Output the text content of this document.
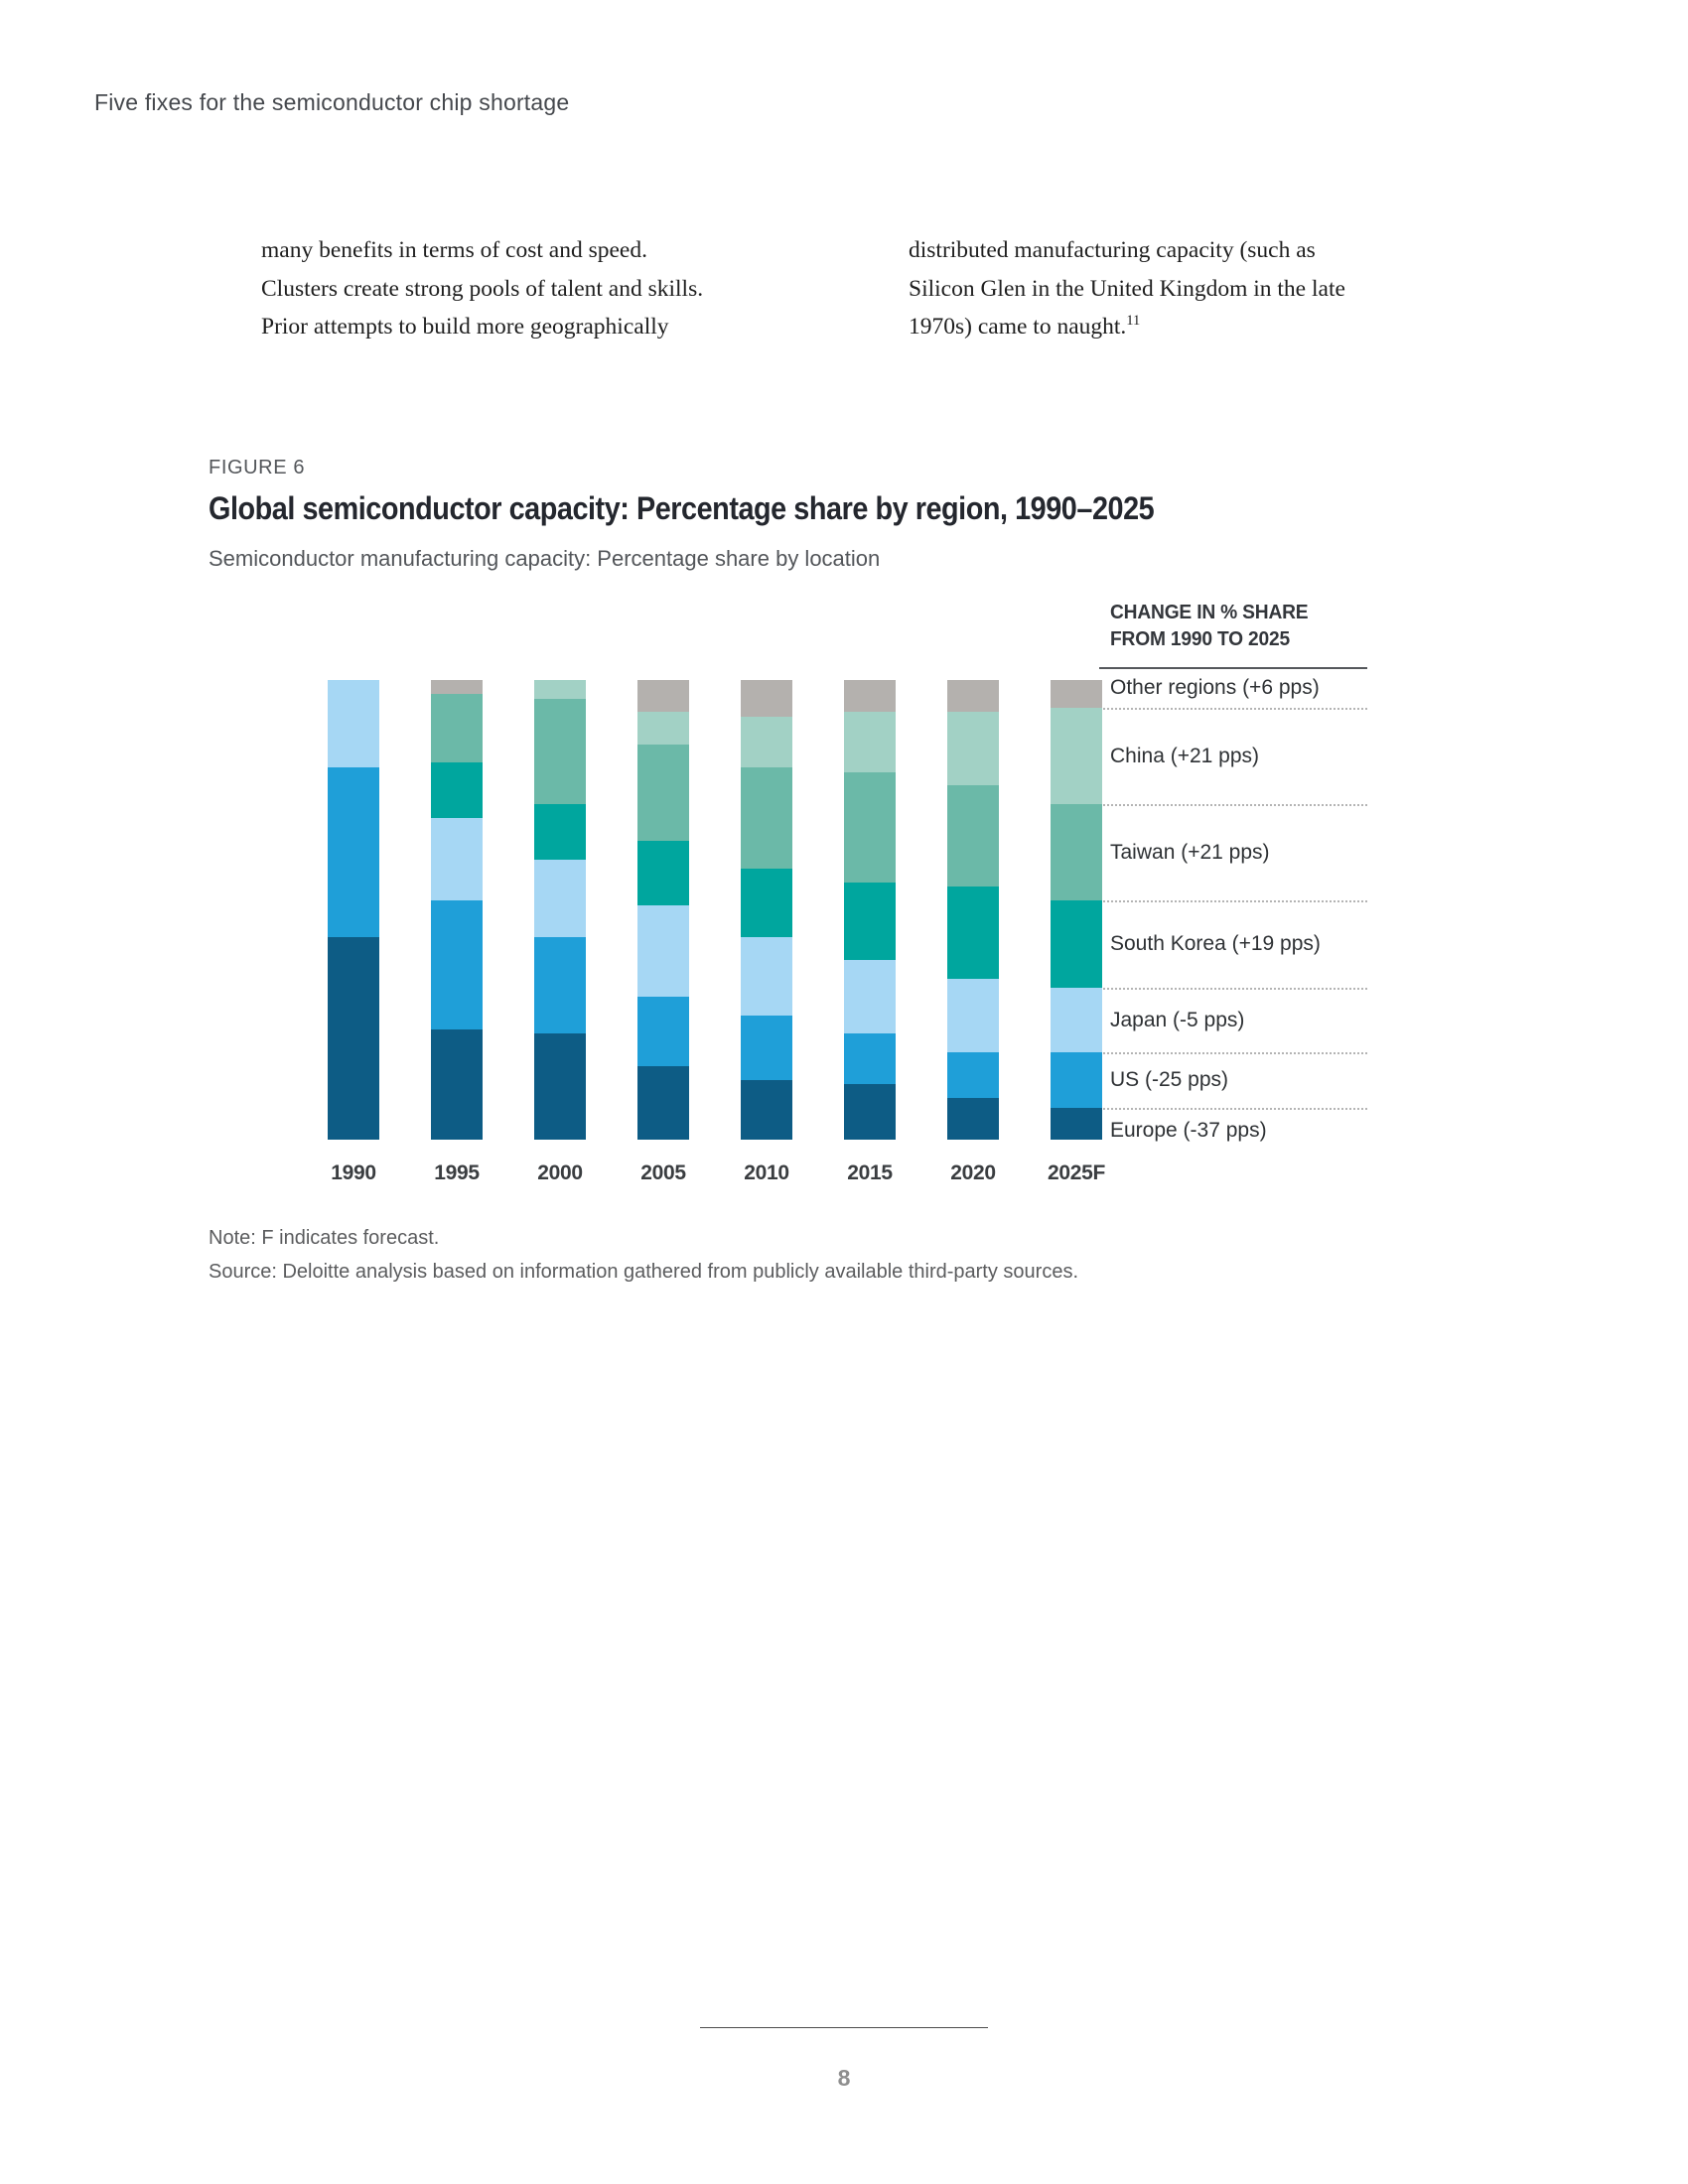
Five fixes for the semiconductor chip shortage
many benefits in terms of cost and speed.
Clusters create strong pools of talent and skills.
Prior attempts to build more geographically
distributed manufacturing capacity (such as
Silicon Glen in the United Kingdom in the late
1970s) came to naught.$^{11}$
FIGURE 6
Global semiconductor capacity: Percentage share by region, 1990–2025
Semiconductor manufacturing capacity: Percentage share by location
CHANGE IN % SHARE
FROM 1990 TO 2025
Other regions (+6 pps)
China (+21 pps)
Taiwan (+21 pps)
South Korea (+19 pps)
Japan (-5 pps)
US (-25 pps)
Europe (-37 pps)
1990	1995	2000	2005	2010	2015	2020	2025F
Note: F indicates forecast.
Source: Deloitte analysis based on information gathered from publicly available third-party sources.
8
